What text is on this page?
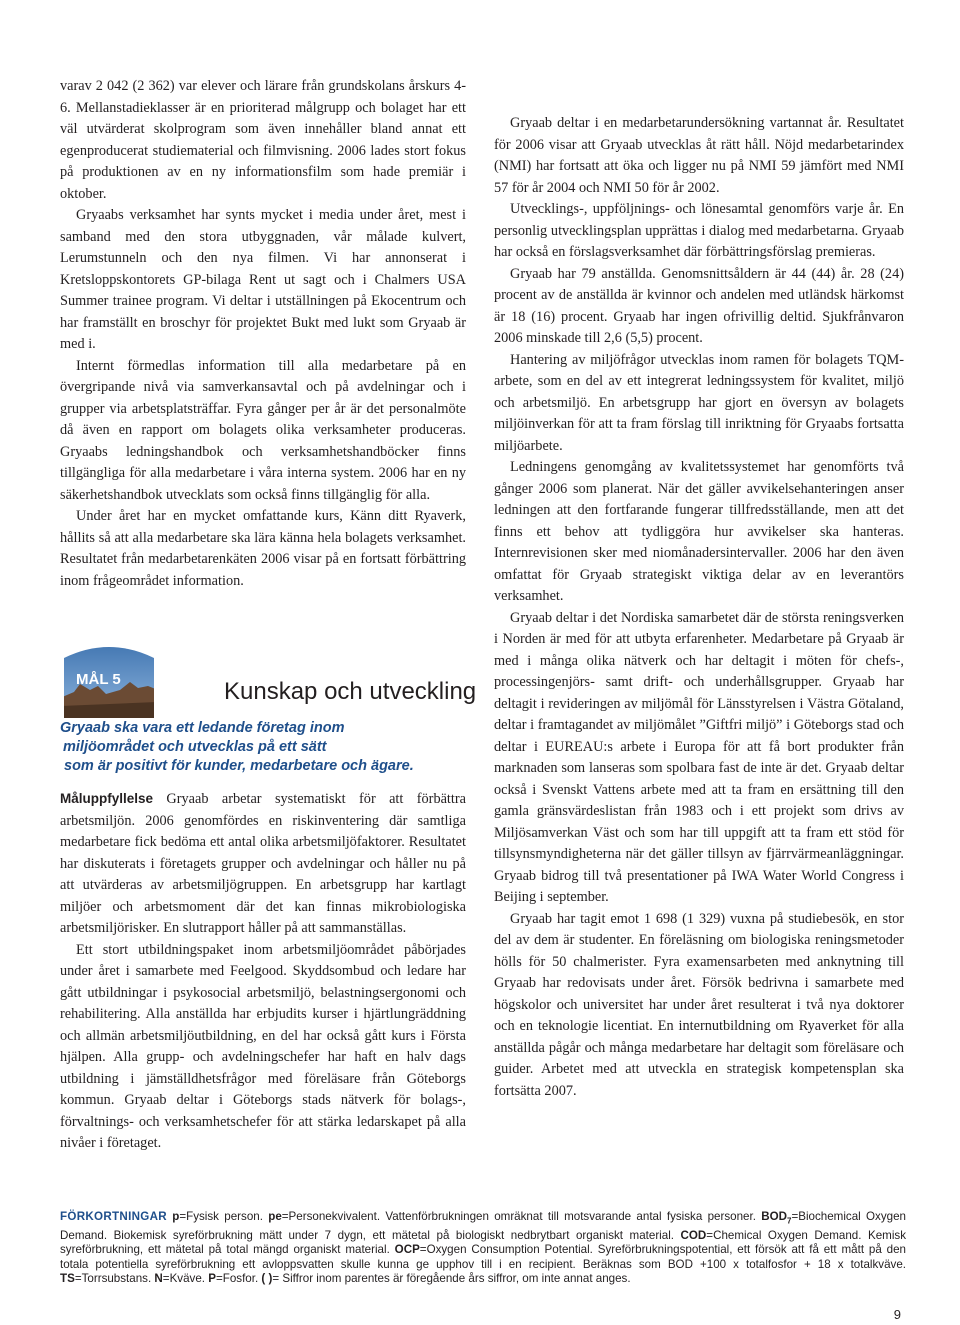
varav 2 042 (2 362) var elever och lärare från grundskolans årskurs 4-6. Mellanstadieklasser är en prioriterad målgrupp och bolaget har ett väl utvärderat skolprogram som även innehåller bland annat ett egenproducerat studiematerial och filmvisning. 2006 lades stort fokus på produktionen av en ny informationsfilm som hade premiär i oktober.

Gryaabs verksamhet har synts mycket i media under året, mest i samband med den stora utbyggnaden, vår målade kulvert, Lerumstunneln och den nya filmen. Vi har annonserat i Kretsloppskontorets GP-bilaga Rent ut sagt och i Chalmers USA Summer trainee program. Vi deltar i utställningen på Ekocentrum och har framställt en broschyr för projektet Bukt med lukt som Gryaab är med i.

Internt förmedlas information till alla medarbetare på en övergripande nivå via samverkansavtal och på avdelningar och i grupper via arbetsplatsträffar. Fyra gånger per år är det personalmöte då även en rapport om bolagets olika verksamheter produceras. Gryaabs ledningshandbok och verksamhetshandböcker finns tillgängliga för alla medarbetare i våra interna system. 2006 har en ny säkerhetshandbok utvecklats som också finns tillgänglig för alla.

Under året har en mycket omfattande kurs, Känn ditt Ryaverk, hållits så att alla medarbetare ska lära känna hela bolagets verksamhet. Resultatet från medarbetarenkäten 2006 visar på en fortsatt förbättring inom frågeområdet information.

MÅL 5	Kunskap och utveckling
Gryaab ska vara ett ledande företag inom
miljöområdet och utvecklas på ett sätt
som är positivt för kunder, medarbetare och ägare.

Måluppfyllelse Gryaab arbetar systematiskt för att förbättra arbetsmiljön. 2006 genomfördes en riskinventering där samtliga medarbetare fick bedöma ett antal olika arbetsmiljöfaktorer. Resultatet har diskuterats i företagets grupper och avdelningar och håller nu på att utvärderas av arbetsmiljögruppen. En arbetsgrupp har kartlagt miljöer och arbetsmoment där det kan finnas mikrobiologiska arbetsmiljörisker. En slutrapport håller på att sammanställas.

Ett stort utbildningspaket inom arbetsmiljöområdet påbörjades under året i samarbete med Feelgood. Skyddsombud och ledare har gått utbildningar i psykosocial arbetsmiljö, belastningsergonomi och rehabilitering. Alla anställda har erbjudits kurser i hjärtlungräddning och allmän arbetsmiljöutbildning, en del har också gått kurs i Första hjälpen. Alla grupp- och avdelningschefer har haft en halv dags utbildning i jämställdhetsfrågor med föreläsare från Göteborgs kommun. Gryaab deltar i Göteborgs stads nätverk för bolags-, förvaltnings- och verksamhetschefer för att stärka ledarskapet på alla nivåer i företaget.

Gryaab deltar i en medarbetarundersökning vartannat år. Resultatet för 2006 visar att Gryaab utvecklas åt rätt håll. Nöjd medarbetarindex (NMI) har fortsatt att öka och ligger nu på NMI 59 jämfört med NMI 57 för år 2004 och NMI 50 för år 2002.

Utvecklings-, uppföljnings- och lönesamtal genomförs varje år. En personlig utvecklingsplan upprättas i dialog med medarbetarna. Gryaab har också en förslagsverksamhet där förbättringsförslag premieras.

Gryaab har 79 anställda. Genomsnittsåldern är 44 (44) år. 28 (24) procent av de anställda är kvinnor och andelen med utländsk härkomst är 18 (16) procent. Gryaab har ingen ofrivillig deltid. Sjukfrånvaron 2006 minskade till 2,6 (5,5) procent.

Hantering av miljöfrågor utvecklas inom ramen för bolagets TQM-arbete, som en del av ett integrerat ledningssystem för kvalitet, miljö och arbetsmiljö. En arbetsgrupp har gjort en översyn av bolagets miljöinverkan för att ta fram förslag till inriktning för Gryaabs fortsatta miljöarbete.

Ledningens genomgång av kvalitetssystemet har genomförts två gånger 2006 som planerat. När det gäller avvikelsehanteringen anser ledningen att den fortfarande fungerar tillfredsställande, men att det finns ett behov att tydliggöra hur avvikelser ska hanteras. Internrevisionen sker med niomånadersintervaller. 2006 har den även omfattat för Gryaab strategiskt viktiga delar av en leverantörs verksamhet.

Gryaab deltar i det Nordiska samarbetet där de största reningsverken i Norden är med för att utbyta erfarenheter. Medarbetare på Gryaab är med i många olika nätverk och har deltagit i möten för chefs-, processingenjörs- samt drift- och underhållsgrupper. Gryaab har deltagit i revideringen av miljömål för Länsstyrelsen i Västra Götaland, deltar i framtagandet av miljömålet ”Giftfri miljö” i Göteborgs stad och deltar i EUREAU:s arbete i Europa för att få bort produkter från marknaden som lanseras som spolbara fast de inte är det. Gryaab deltar också i Svenskt Vattens arbete med att ta fram en ersättning till den gamla gränsvärdeslistan från 1983 och i ett projekt som drivs av Miljösamverkan Väst och som har till uppgift att ta fram ett stöd för tillsynsmyndigheterna när det gäller tillsyn av fjärrvärmeanläggningar. Gryaab bidrog till två presentationer på IWA Water World Congress i Beijing i september.

Gryaab har tagit emot 1 698 (1 329) vuxna på studiebesök, en stor del av dem är studenter. En föreläsning om biologiska reningsmetoder hölls för 50 chalmerister. Fyra examensarbeten med anknytning till Gryaab har redovisats under året. Försök bedrivna i samarbete med högskolor och universitet har under året resulterat i två nya doktorer och en teknologie licentiat. En internutbildning om Ryaverket för alla anställda pågår och många medarbetare har deltagit som föreläsare och guider. Arbetet med att utveckla en strategisk kompetensplan ska fortsätta 2007.

FÖRKORTNINGAR p=Fysisk person. pe=Personekvivalent. Vattenförbrukningen omräknat till motsvarande antal fysiska personer. $BOD_7=Biochemical$ Oxygen Demand. Biokemisk syreförbrukning mätt under 7 dygn, ett mätetal på biologiskt nedbrytbart organiskt material. COD=Chemical Oxygen Demand. Kemisk syreförbrukning, ett mätetal på total mängd organiskt material. OCP=Oxygen Consumption Potential. Syreförbrukningspotential, ett försök att få ett mått på den totala potentiella syreförbrukning ett avloppsvatten skulle kunna ge upphov till i en recipient. Beräknas som BOD +100 x totalfosfor + 18 x totalkväve. TS=Torrsubstans. N=Kväve. P=Fosfor. ( )= Siffror inom parentes är föregående års siffror, om inte annat anges.
9
